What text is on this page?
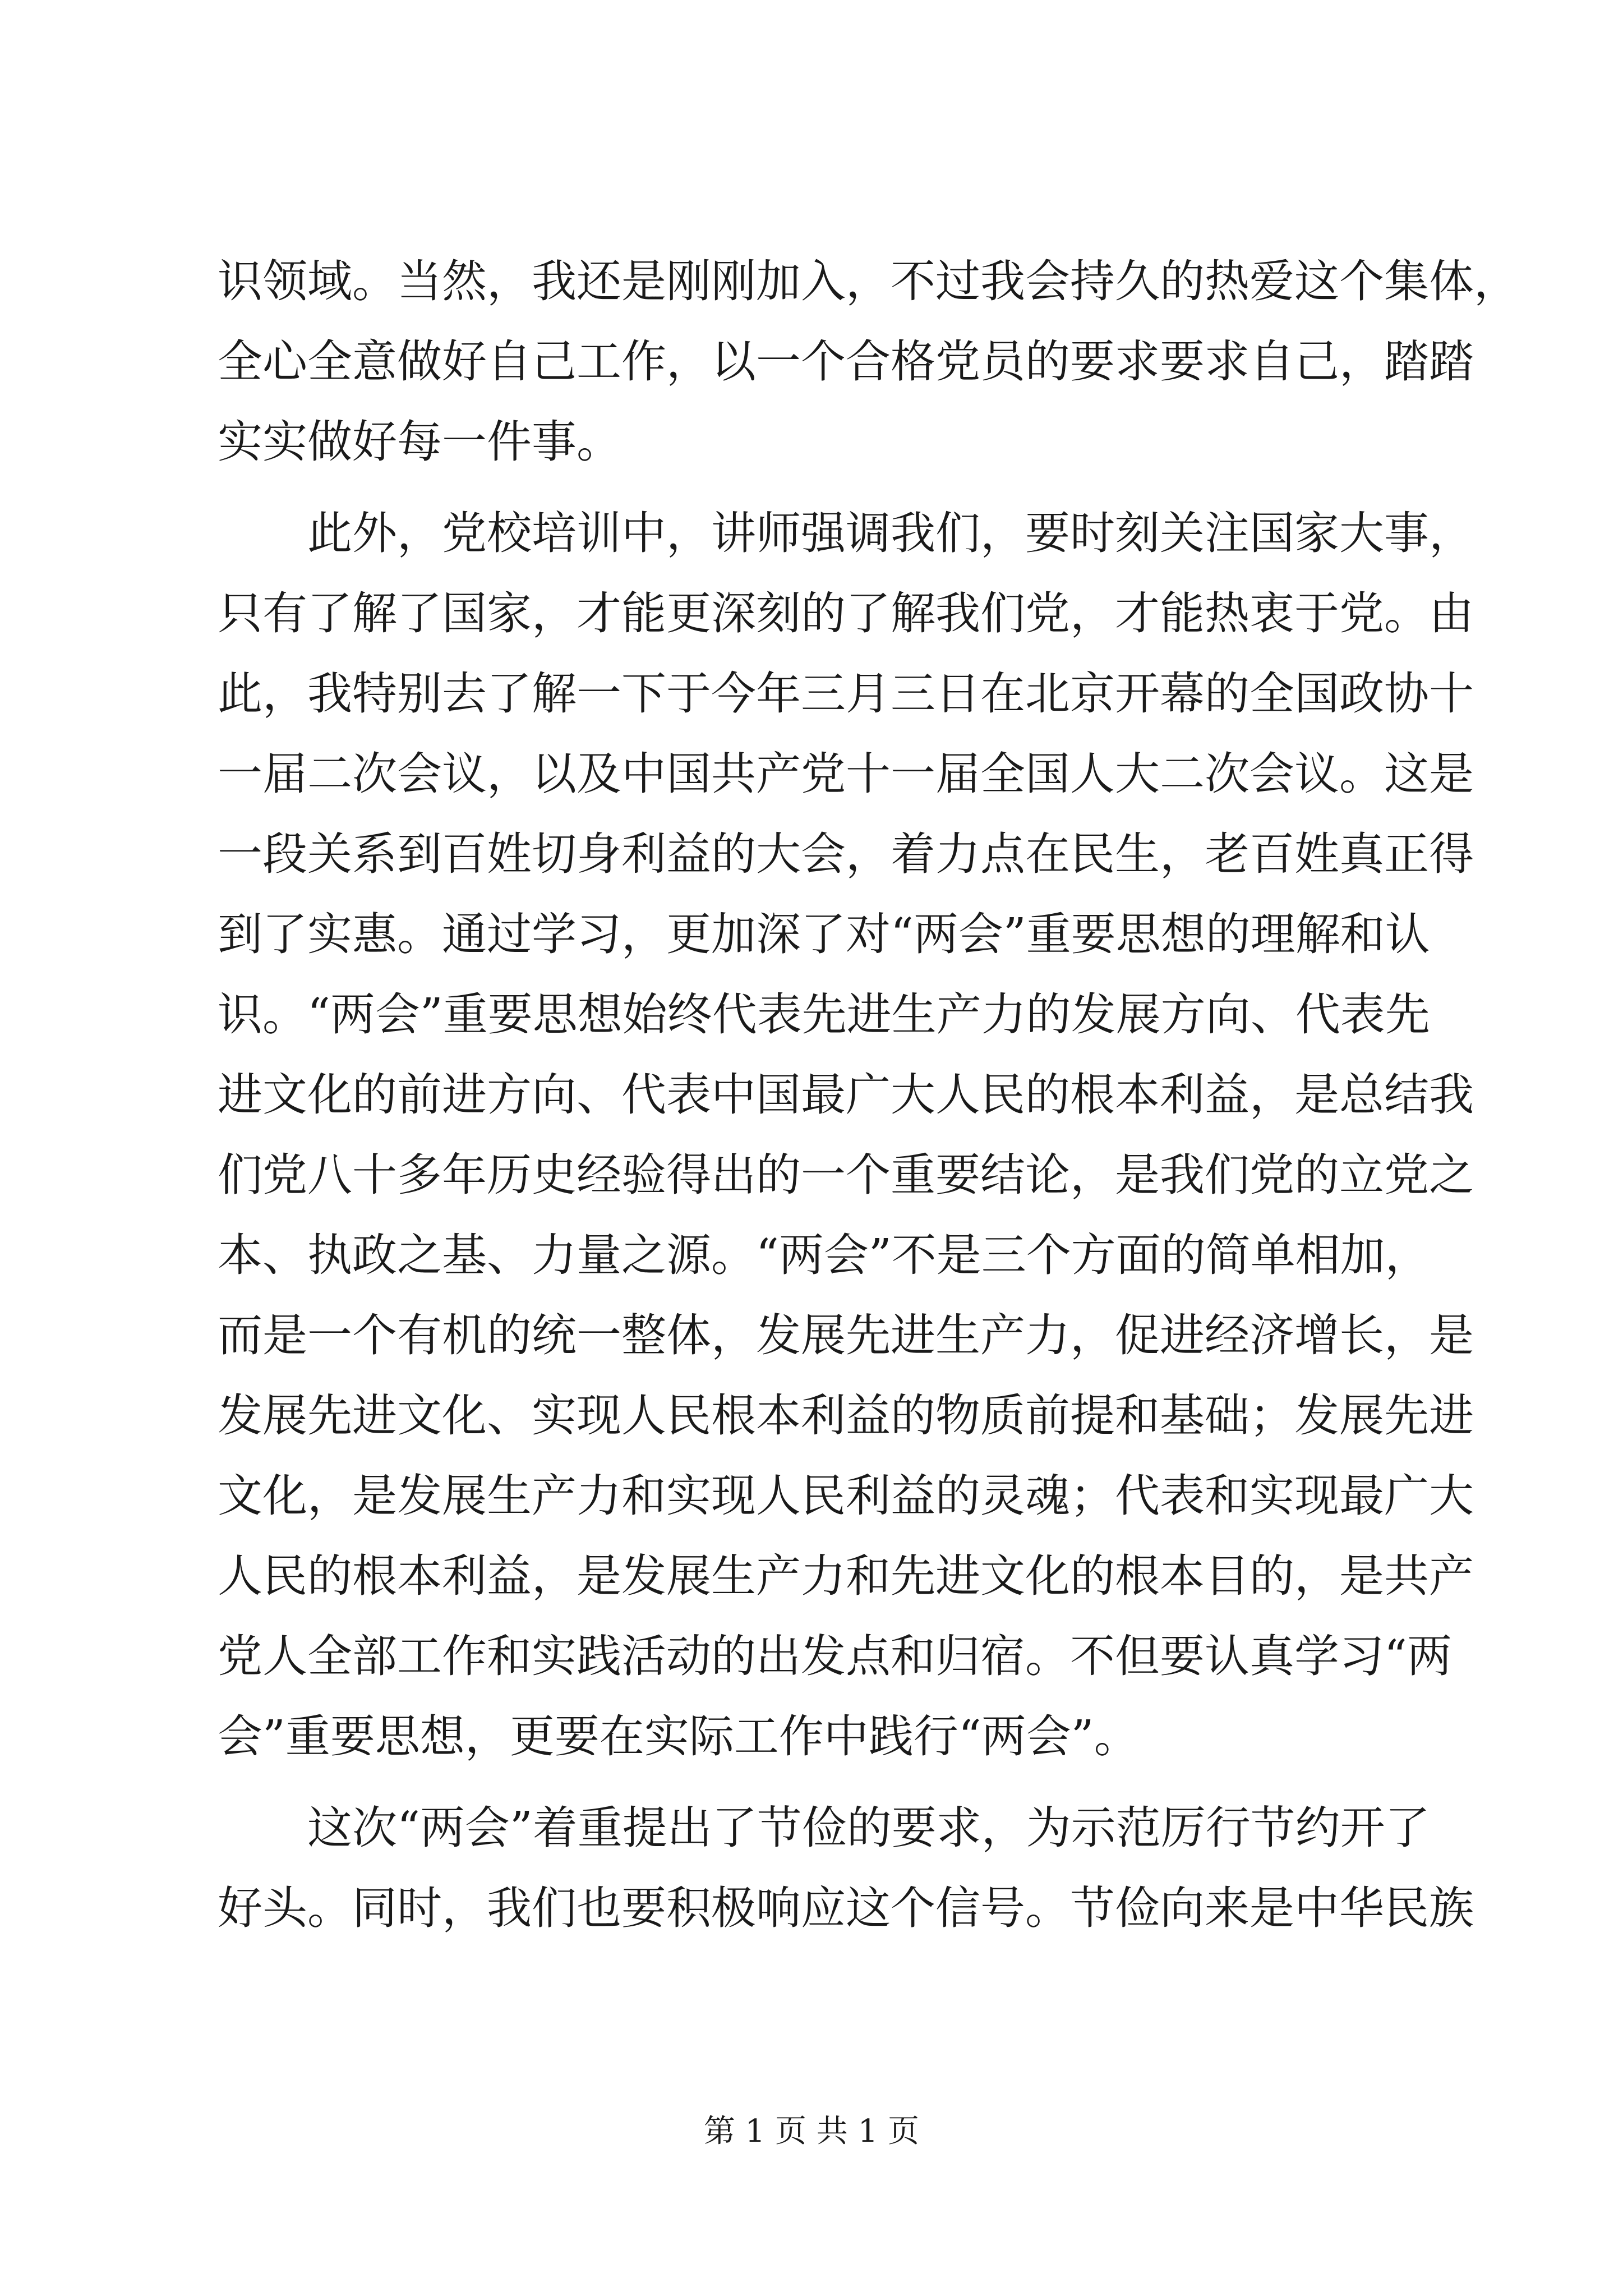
识领域。当然，我还是刚刚加入，不过我会持久的热爱这个集体，
全心全意做好自己工作，以一个合格党员的要求要求自己，踏踏
实实做好每一件事。
此外，党校培训中，讲师强调我们，要时刻关注国家大事，
只有了解了国家，才能更深刻的了解我们党，才能热衷于党。由
此，我特别去了解一下于今年三月三日在北京开幕的全国政协十
一届二次会议，以及中国共产党十一届全国人大二次会议。这是
一段关系到百姓切身利益的大会，着力点在民生，老百姓真正得
到了实惠。通过学习，更加深了对“两会”重要思想的理解和认
识。“两会”重要思想始终代表先进生产力的发展方向、代表先
进文化的前进方向、代表中国最广大人民的根本利益，是总结我
们党八十多年历史经验得出的一个重要结论，是我们党的立党之
本、执政之基、力量之源。“两会”不是三个方面的简单相加，
而是一个有机的统一整体，发展先进生产力，促进经济增长，是
发展先进文化、实现人民根本利益的物质前提和基础；发展先进
文化，是发展生产力和实现人民利益的灵魂；代表和实现最广大
人民的根本利益，是发展生产力和先进文化的根本目的，是共产
党人全部工作和实践活动的出发点和归宿。不但要认真学习“两
会”重要思想，更要在实际工作中践行“两会”。
这次“两会”着重提出了节俭的要求，为示范厉行节约开了
好头。同时，我们也要积极响应这个信号。节俭向来是中华民族
第 1 页 共 1 页
